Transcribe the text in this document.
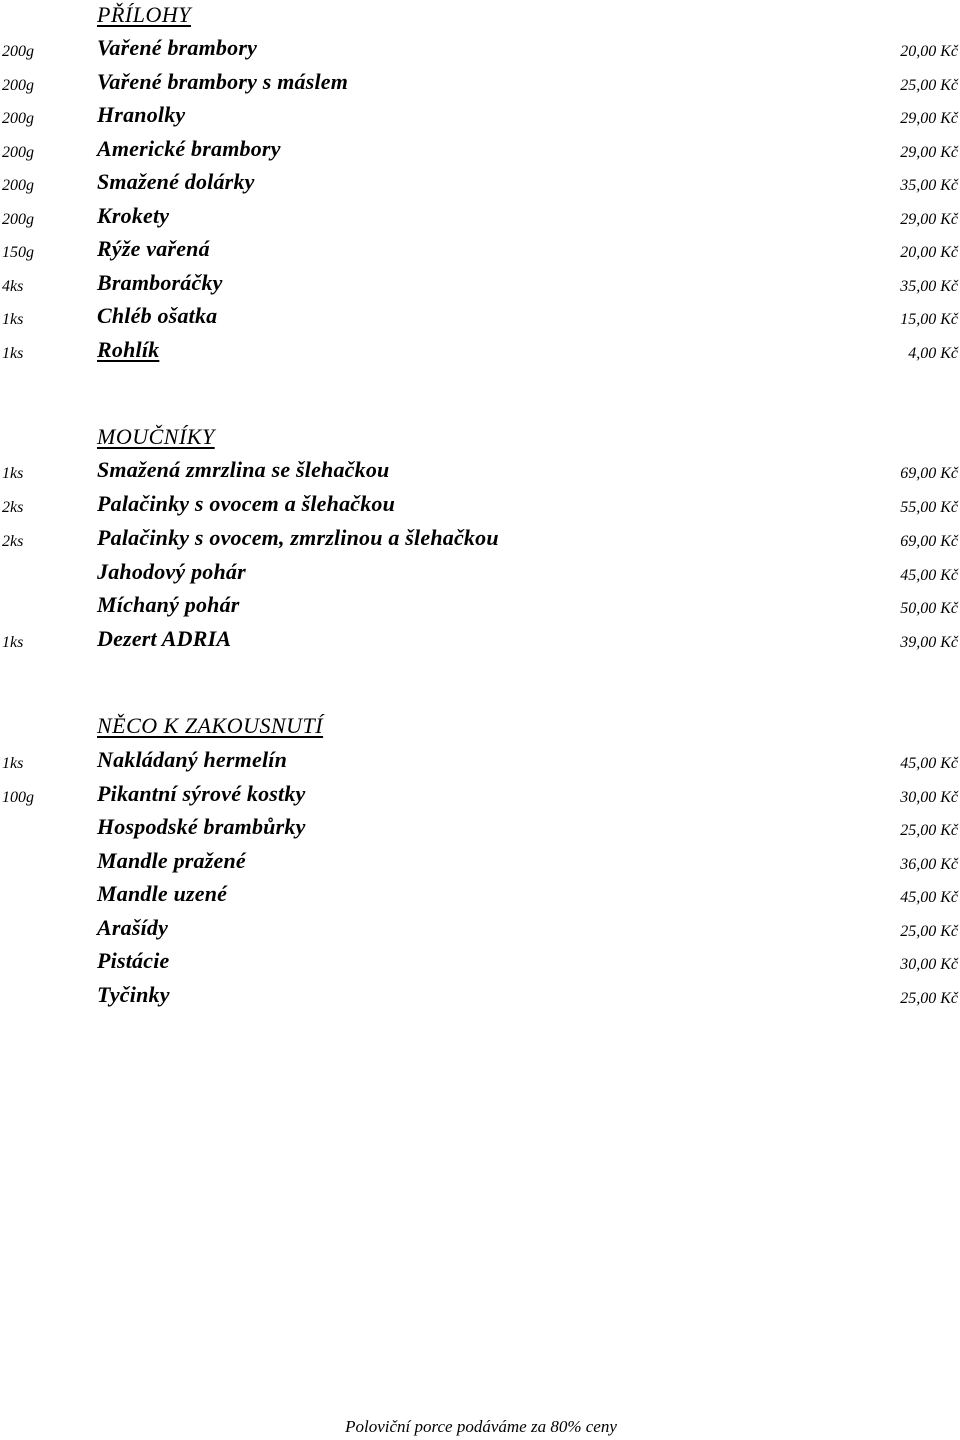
PŘÍLOHY
200g	Vařené brambory	20,00 Kč
200g	Vařené brambory s máslem	25,00 Kč
200g	Hranolky	29,00 Kč
200g	Americké brambory	29,00 Kč
200g	Smažené dolárky	35,00 Kč
200g	Krokety	29,00 Kč
150g	Rýže vařená	20,00 Kč
4ks	Bramboráčky	35,00 Kč
1ks	Chléb ošatka	15,00 Kč
1ks	Rohlík	4,00 Kč
MOUČNÍKY
1ks	Smažená zmrzlina se šlehačkou	69,00 Kč
2ks	Palačinky s ovocem a šlehačkou	55,00 Kč
2ks	Palačinky s ovocem, zmrzlinou a šlehačkou	69,00 Kč
Jahodový pohár	45,00 Kč
Míchaný pohár	50,00 Kč
1ks	Dezert ADRIA	39,00 Kč
NĚCO K ZAKOUSNUTÍ
1ks	Nakládaný hermelín	45,00 Kč
100g	Pikantní sýrové kostky	30,00 Kč
Hospodské brambůrky	25,00 Kč
Mandle pražené	36,00 Kč
Mandle uzené	45,00 Kč
Arašídy	25,00 Kč
Pistácie	30,00 Kč
Tyčinky	25,00 Kč
Poloviční porce podáváme za 80% ceny
